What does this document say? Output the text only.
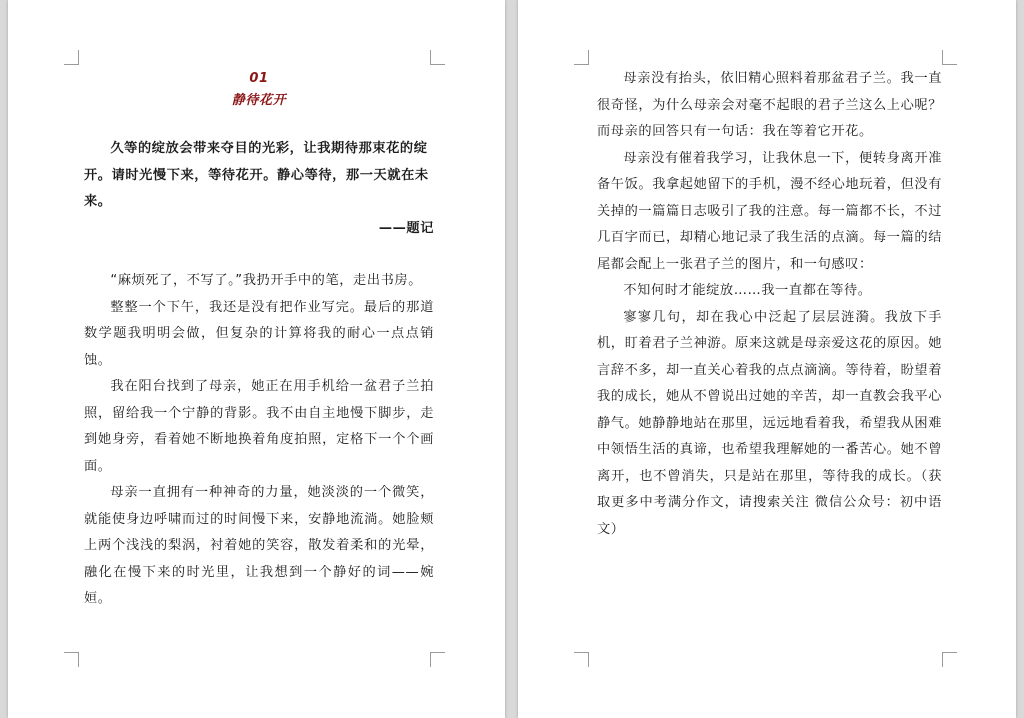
01

静待花开

久等的绽放会带来夺目的光彩，让我期待那束花的绽开。请时光慢下来，等待花开。静心等待，那一天就在未来。

——题记

“麻烦死了，不写了。”我扔开手中的笔，走出书房。

整整一个下午，我还是没有把作业写完。最后的那道数学题我明明会做，但复杂的计算将我的耐心一点点销蚀。

我在阳台找到了母亲，她正在用手机给一盆君子兰拍照，留给我一个宁静的背影。我不由自主地慢下脚步，走到她身旁，看着她不断地换着角度拍照，定格下一个个画面。

母亲一直拥有一种神奇的力量，她淡淡的一个微笑，就能使身边呼啸而过的时间慢下来，安静地流淌。她脸颊上两个浅浅的梨涡，衬着她的笑容，散发着柔和的光晕，融化在慢下来的时光里，让我想到一个静好的词——婉姮。

母亲没有抬头，依旧精心照料着那盆君子兰。我一直很奇怪，为什么母亲会对毫不起眼的君子兰这么上心呢？而母亲的回答只有一句话：我在等着它开花。

母亲没有催着我学习，让我休息一下，便转身离开准备午饭。我拿起她留下的手机，漫不经心地玩着，但没有关掉的一篇篇日志吸引了我的注意。每一篇都不长，不过几百字而已，却精心地记录了我生活的点滴。每一篇的结尾都会配上一张君子兰的图片，和一句感叹：

不知何时才能绽放……我一直都在等待。

寥寥几句，却在我心中泛起了层层涟漪。我放下手机，盯着君子兰神游。原来这就是母亲爱这花的原因。她言辞不多，却一直关心着我的点点滴滴。等待着，盼望着我的成长，她从不曾说出过她的辛苦，却一直教会我平心静气。她静静地站在那里，远远地看着我，希望我从困难中领悟生活的真谛，也希望我理解她的一番苦心。她不曾离开，也不曾消失，只是站在那里，等待我的成长。（获取更多中考满分作文，请搜索关注 微信公众号：初中语文）
